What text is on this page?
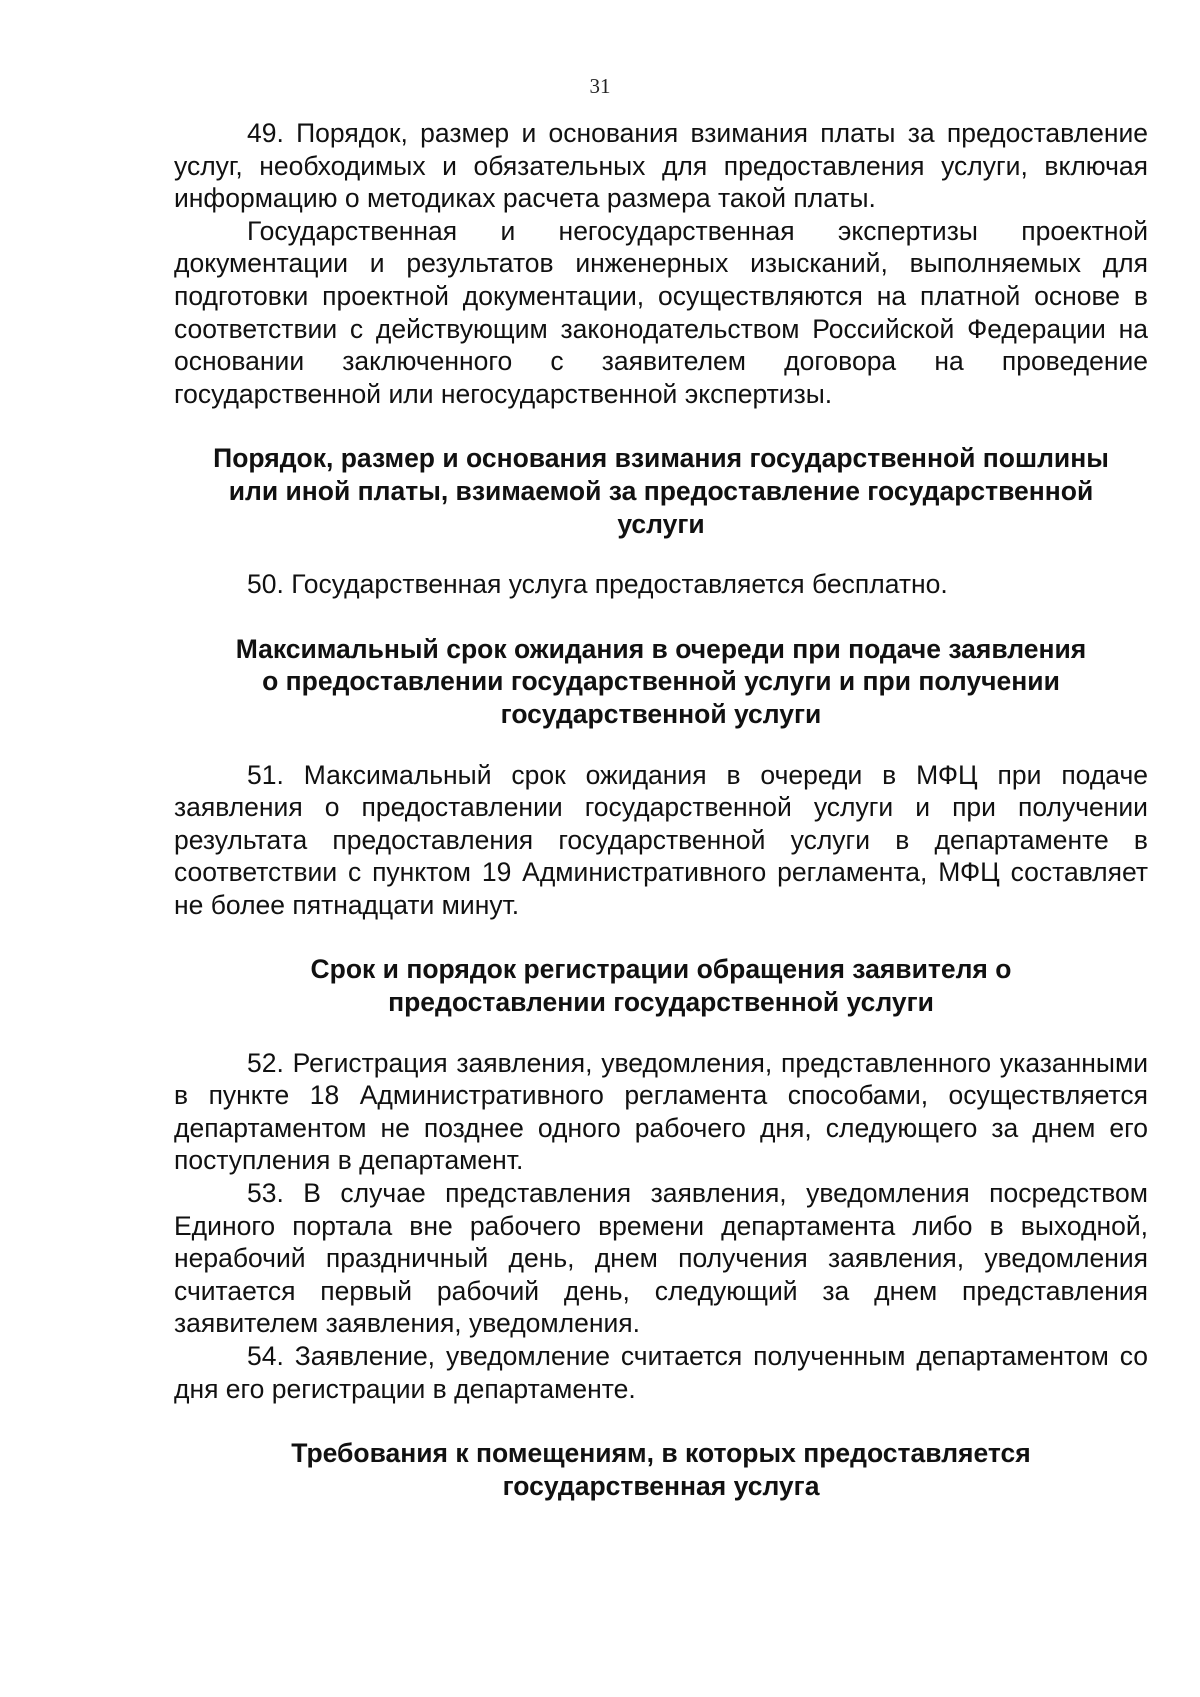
31

49. Порядок, размер и основания взимания платы за предоставление услуг, необходимых и обязательных для предоставления услуги, включая информацию о методиках расчета размера такой платы.

Государственная и негосударственная экспертизы проектной документации и результатов инженерных изысканий, выполняемых для подготовки проектной документации, осуществляются на платной основе в соответствии с действующим законодательством Российской Федерации на основании заключенного с заявителем договора на проведение государственной или негосударственной экспертизы.

Порядок, размер и основания взимания государственной пошлины
или иной платы, взимаемой за предоставление государственной
услуги

50. Государственная услуга предоставляется бесплатно.

Максимальный срок ожидания в очереди при подаче заявления
о предоставлении государственной услуги и при получении
государственной услуги

51. Максимальный срок ожидания в очереди в МФЦ при подаче заявления о предоставлении государственной услуги и при получении результата предоставления государственной услуги в департаменте в соответствии с пунктом 19 Административного регламента, МФЦ составляет не более пятнадцати минут.

Срок и порядок регистрации обращения заявителя о
предоставлении государственной услуги

52. Регистрация заявления, уведомления, представленного указанными в пункте 18 Административного регламента способами, осуществляется департаментом не позднее одного рабочего дня, следующего за днем его поступления в департамент.

53. В случае представления заявления, уведомления посредством Единого портала вне рабочего времени департамента либо в выходной, нерабочий праздничный день, днем получения заявления, уведомления считается первый рабочий день, следующий за днем представления заявителем заявления, уведомления.

54. Заявление, уведомление считается полученным департаментом со дня его регистрации в департаменте.

Требования к помещениям, в которых предоставляется
государственная услуга
